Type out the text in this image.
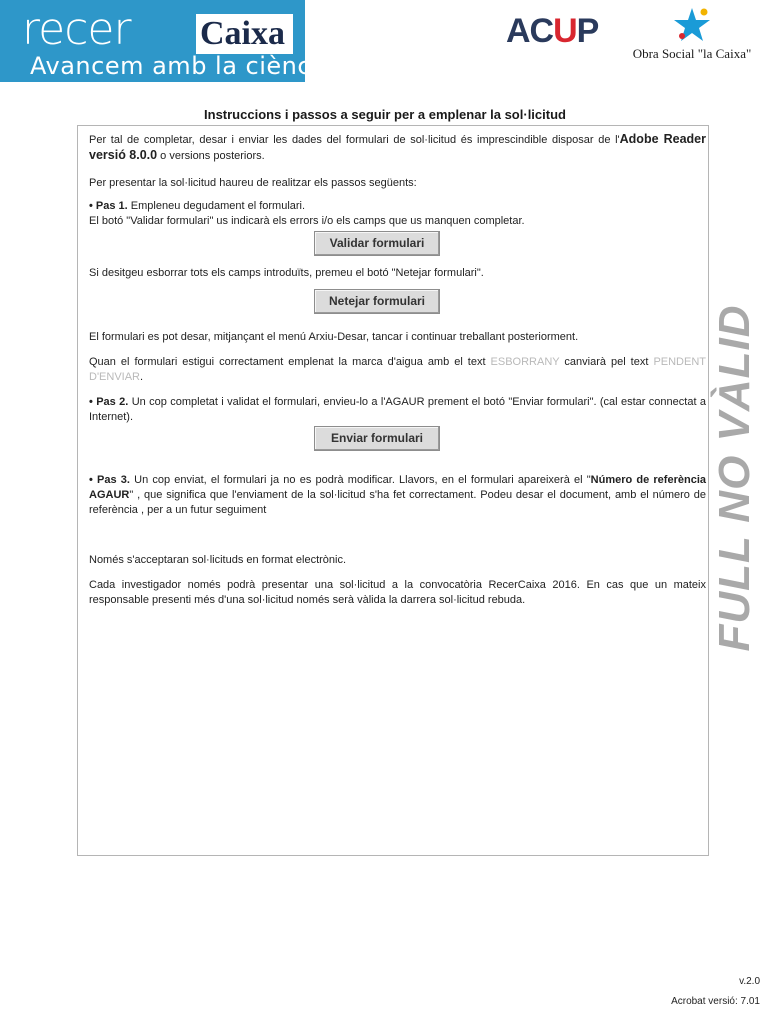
recer Caixa
Avancem amb la ciència_
ACUP
Obra Social "la Caixa"
Instruccions i passos a seguir per a emplenar la sol·licitud
Per tal de completar, desar i enviar les dades del formulari de sol·licitud és imprescindible disposar de l'Adobe Reader versió 8.0.0 o versions posteriors.
Per presentar la sol·licitud haureu de realitzar els passos següents:
• Pas 1. Empleneu degudament el formulari.
El botó "Validar formulari" us indicarà els errors i/o els camps que us manquen completar.
Validar formulari
Si desitgeu esborrar tots els camps introduïts, premeu el botó "Netejar formulari".
Netejar formulari
El formulari es pot desar, mitjançant el menú Arxiu-Desar, tancar i continuar treballant posteriorment.
Quan el formulari estigui correctament emplenat la marca d'aigua amb el text ESBORRANY canviarà pel text PENDENT D'ENVIAR.
• Pas 2. Un cop completat i validat el formulari, envieu-lo a l'AGAUR prement el botó "Enviar formulari". (cal estar connectat a Internet).
Enviar formulari
• Pas 3. Un cop enviat, el formulari ja no es podrà modificar. Llavors, en el formulari apareixerà el "Número de referència AGAUR" , que significa que l'enviament de la sol·licitud s'ha fet correctament. Podeu desar el document, amb el número de referència , per a un futur seguiment
Només s'acceptaran sol·licituds en format electrònic.
Cada investigador només podrà presentar una sol·licitud a la convocatòria RecerCaixa 2016. En cas que un mateix responsable presenti més d'una sol·licitud només serà vàlida la darrera sol·licitud rebuda.	FULL NO VÀLID
v.2.0
Acrobat versió: 7.01
